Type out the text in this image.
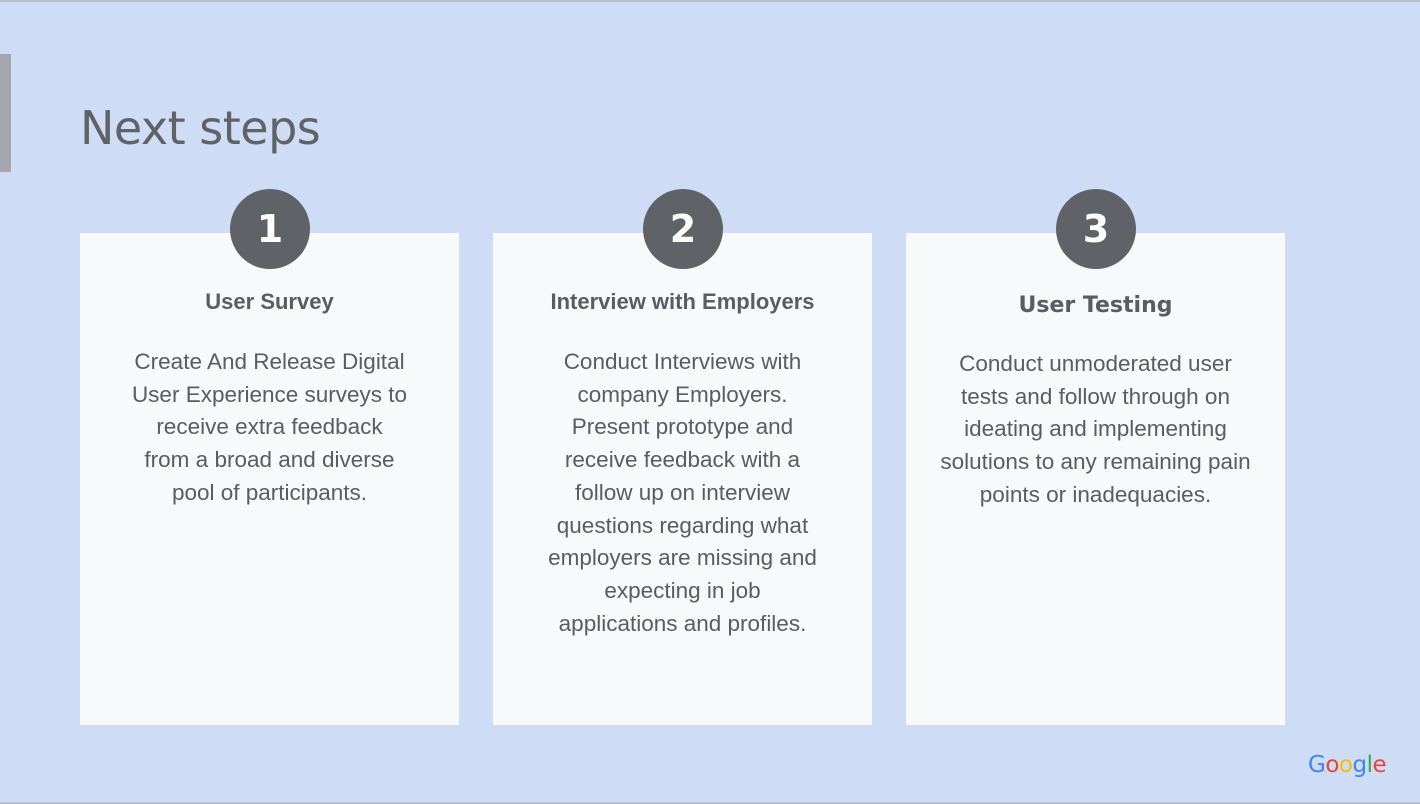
Next steps
User Survey

Create And Release Digital
User Experience surveys to
receive extra feedback
from a broad and diverse
pool of participants.

1
Interview with Employers

Conduct Interviews with
company Employers.
Present prototype and
receive feedback with a
follow up on interview
questions regarding what
employers are missing and
expecting in job
applications and profiles.

2
User Testing

Conduct unmoderated user
tests and follow through on
ideating and implementing
solutions to any remaining pain
points or inadequacies.

3
Google
